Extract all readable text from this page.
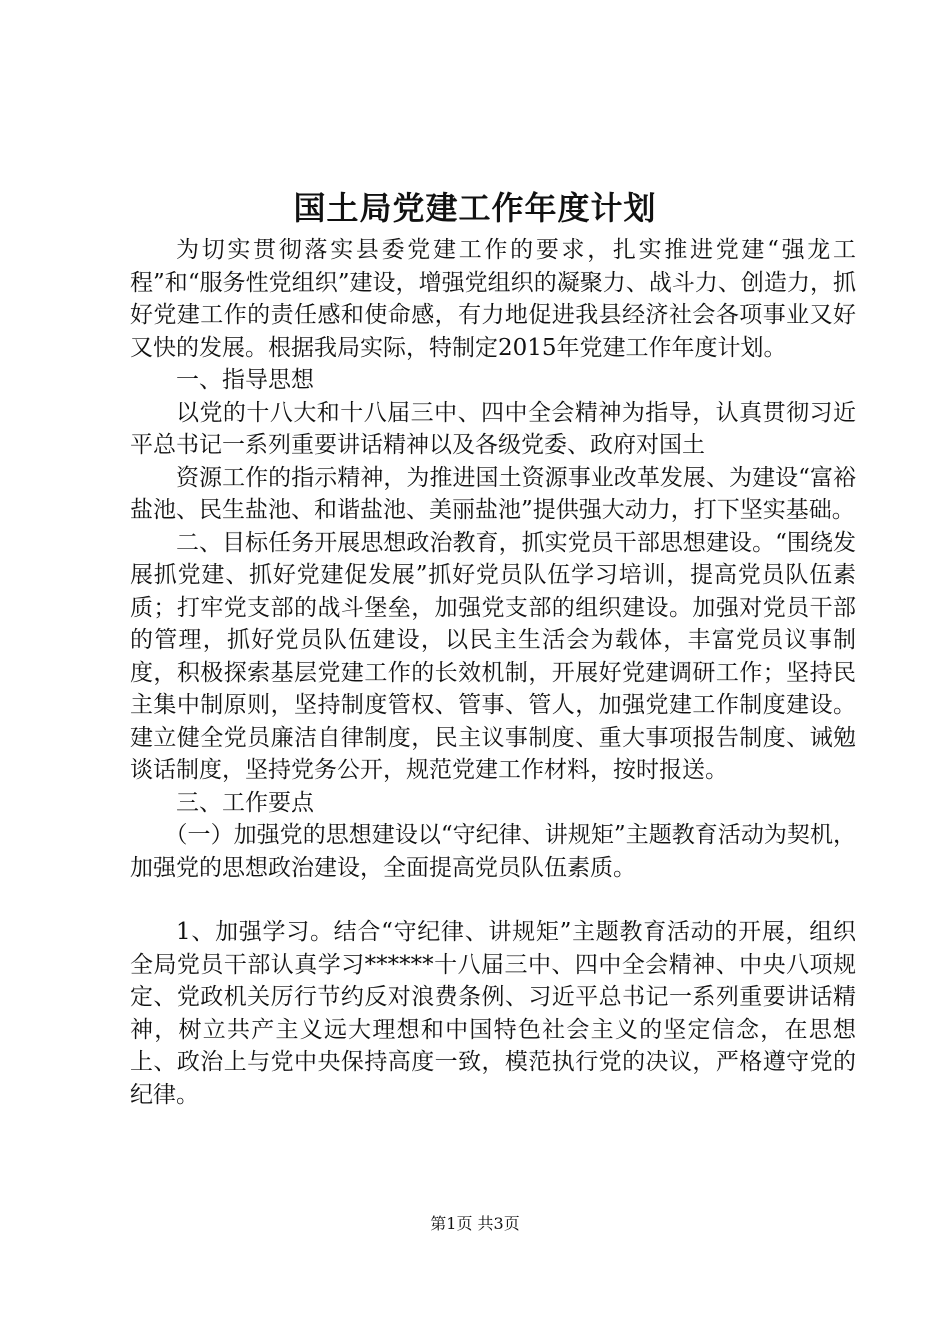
国土局党建工作年度计划

为切实贯彻落实县委党建工作的要求，扎实推进党建“强龙工程”和“服务性党组织”建设，增强党组织的凝聚力、战斗力、创造力，抓好党建工作的责任感和使命感，有力地促进我县经济社会各项事业又好又快的发展。根据我局实际，特制定2015年党建工作年度计划。

一、指导思想

以党的十八大和十八届三中、四中全会精神为指导，认真贯彻习近平总书记一系列重要讲话精神以及各级党委、政府对国土

资源工作的指示精神，为推进国土资源事业改革发展、为建设“富裕盐池、民生盐池、和谐盐池、美丽盐池”提供强大动力，打下坚实基础。

二、目标任务开展思想政治教育，抓实党员干部思想建设。“围绕发展抓党建、抓好党建促发展”抓好党员队伍学习培训，提高党员队伍素质；打牢党支部的战斗堡垒，加强党支部的组织建设。加强对党员干部的管理，抓好党员队伍建设，以民主生活会为载体，丰富党员议事制度，积极探索基层党建工作的长效机制，开展好党建调研工作；坚持民主集中制原则，坚持制度管权、管事、管人，加强党建工作制度建设。建立健全党员廉洁自律制度，民主议事制度、重大事项报告制度、诫勉谈话制度，坚持党务公开，规范党建工作材料，按时报送。

三、工作要点

（一）加强党的思想建设以“守纪律、讲规矩”主题教育活动为契机，加强党的思想政治建设，全面提高党员队伍素质。

1、加强学习。结合“守纪律、讲规矩”主题教育活动的开展，组织全局党员干部认真学习******十八届三中、四中全会精神、中央八项规定、党政机关厉行节约反对浪费条例、习近平总书记一系列重要讲话精神，树立共产主义远大理想和中国特色社会主义的坚定信念，在思想上、政治上与党中央保持高度一致，模范执行党的决议，严格遵守党的纪律。

第1页 共3页
